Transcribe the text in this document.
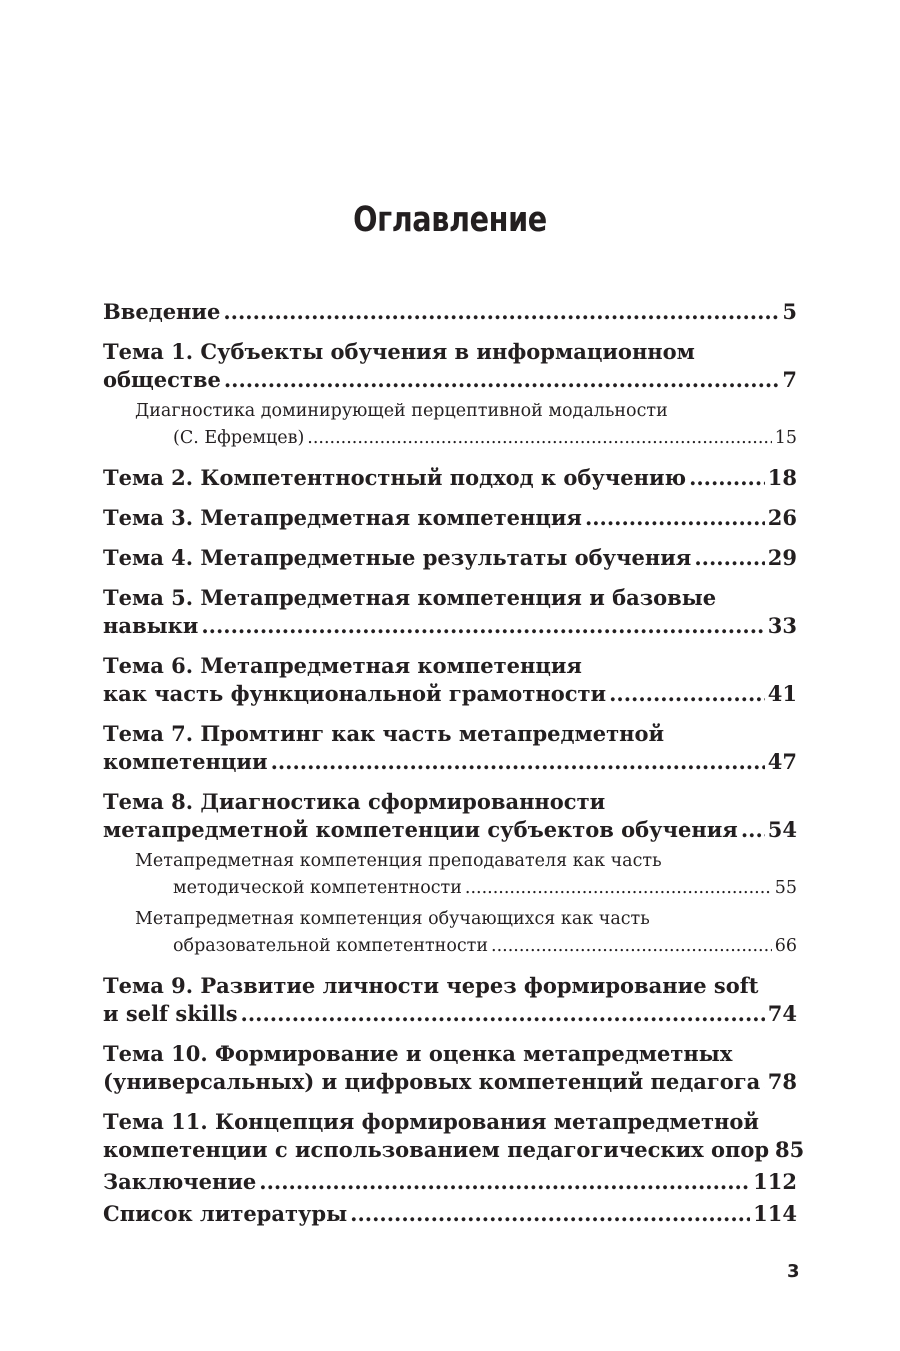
Оглавление
Введение .....	5
Тема 1. Субъекты обучения в информационном
обществе .....	7
Диагностика доминирующей перцептивной модальности
(С. Ефремцев) .....	15
Тема 2. Компетентностный подход к обучению .....	18
Тема 3. Метапредметная компетенция .....	26
Тема 4. Метапредметные результаты обучения .....	29
Тема 5. Метапредметная компетенция и базовые
навыки .....	33
Тема 6. Метапредметная компетенция
как часть функциональной грамотности .....	41
Тема 7. Промтинг как часть метапредметной
компетенции .....	47
Тема 8. Диагностика сформированности
метапредметной компетенции субъектов обучения ..... 54
Метапредметная компетенция преподавателя как часть
методической компетентности .....	55
Метапредметная компетенция обучающихся как часть
образовательной компетентности .....	66
Тема 9. Развитие личности через формирование soft
и self skills .....	74
Тема 10. Формирование и оценка метапредметных
(универсальных) и цифровых компетенций педагога ..... 78
Тема 11. Концепция формирования метапредметной
компетенции с использованием педагогических опор 85
Заключение .....	112
Список литературы .....	114
3
